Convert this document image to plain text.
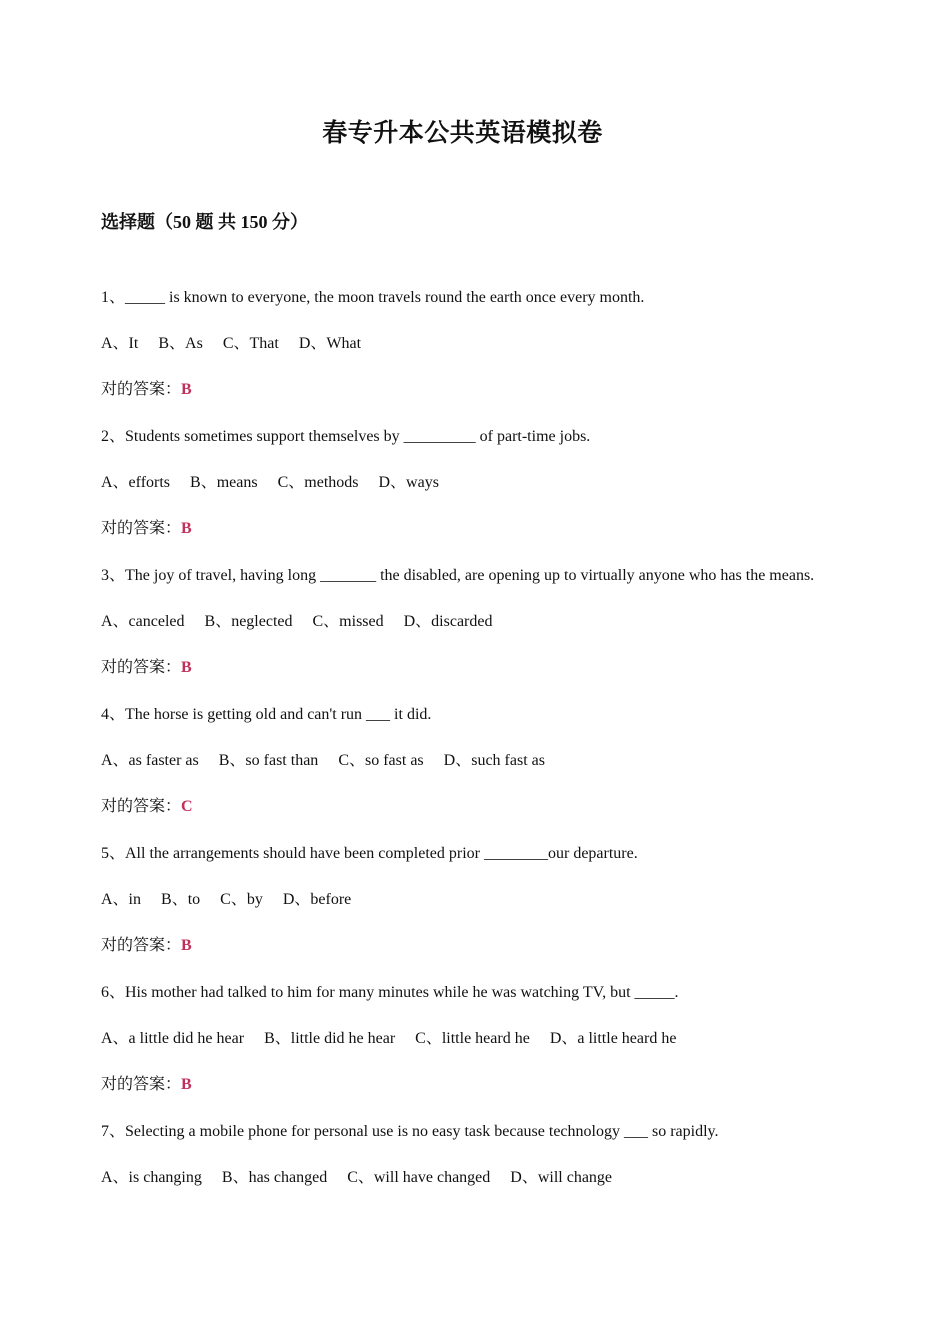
春专升本公共英语模拟卷
选择题（50 题 共 150 分）
1、_____ is known to everyone, the moon travels round the earth once every month.
A、It B、As C、That D、What
对的答案：B
2、Students sometimes support themselves by _________ of part-time jobs.
A、efforts B、means C、methods D、ways
对的答案：B
3、The joy of travel, having long _______ the disabled, are opening up to virtually anyone who has the means.
A、canceled B、neglected C、missed D、discarded
对的答案：B
4、The horse is getting old and can't run ___ it did.
A、as faster as B、so fast than C、so fast as D、such fast as
对的答案：C
5、All the arrangements should have been completed prior ________our departure.
A、in B、to C、by D、before
对的答案：B
6、His mother had talked to him for many minutes while he was watching TV, but _____.
A、a little did he hear B、little did he hear C、little heard he D、a little heard he
对的答案：B
7、Selecting a mobile phone for personal use is no easy task because technology ___ so rapidly.
A、is changing B、has changed C、will have changed D、will change
